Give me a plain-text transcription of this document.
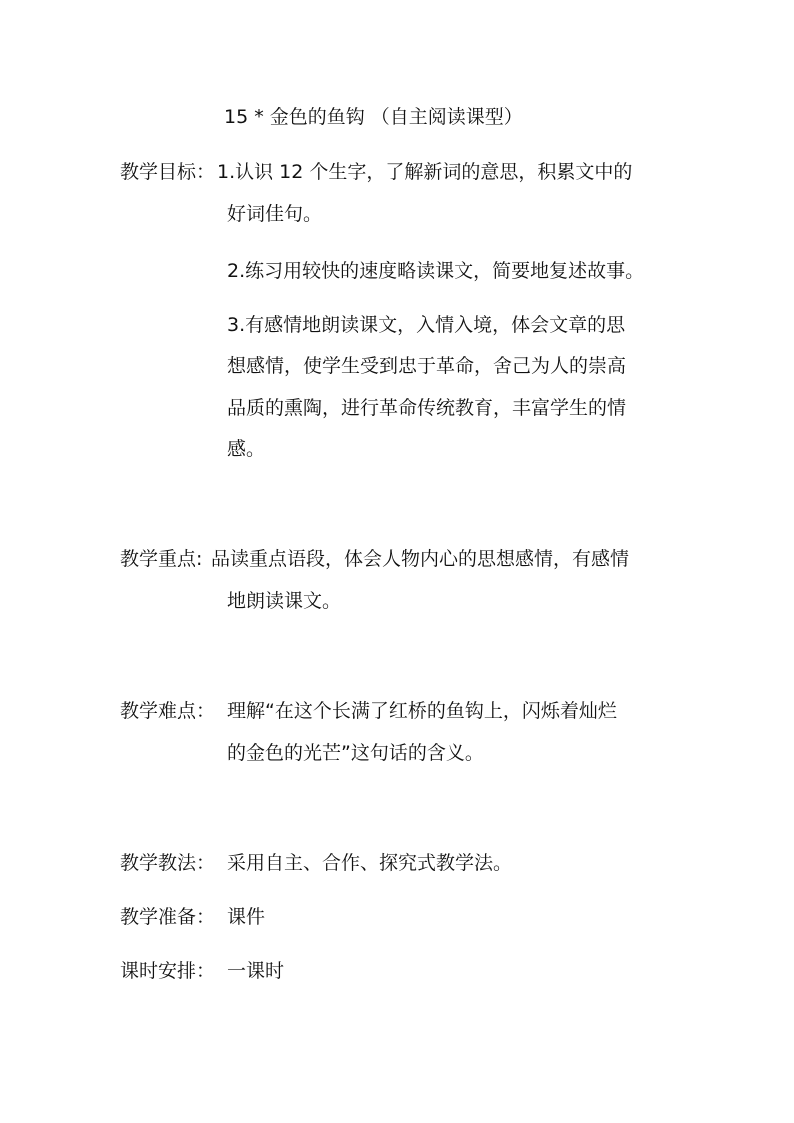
15 * 金色的鱼钩 （自主阅读课型）
教学目标： 1.认识 12 个生字，了解新词的意思，积累文中的
好词佳句。
2.练习用较快的速度略读课文，简要地复述故事。
3.有感情地朗读课文，入情入境，体会文章的思
想感情，使学生受到忠于革命，舍己为人的崇高
品质的熏陶，进行革命传统教育，丰富学生的情
感。
教学重点: 品读重点语段，体会人物内心的思想感情，有感情
地朗读课文。
教学难点： 理解“在这个长满了红桥的鱼钩上，闪烁着灿烂
的金色的光芒”这句话的含义。
教学教法： 采用自主、合作、探究式教学法。
教学准备： 课件
课时安排： 一课时
